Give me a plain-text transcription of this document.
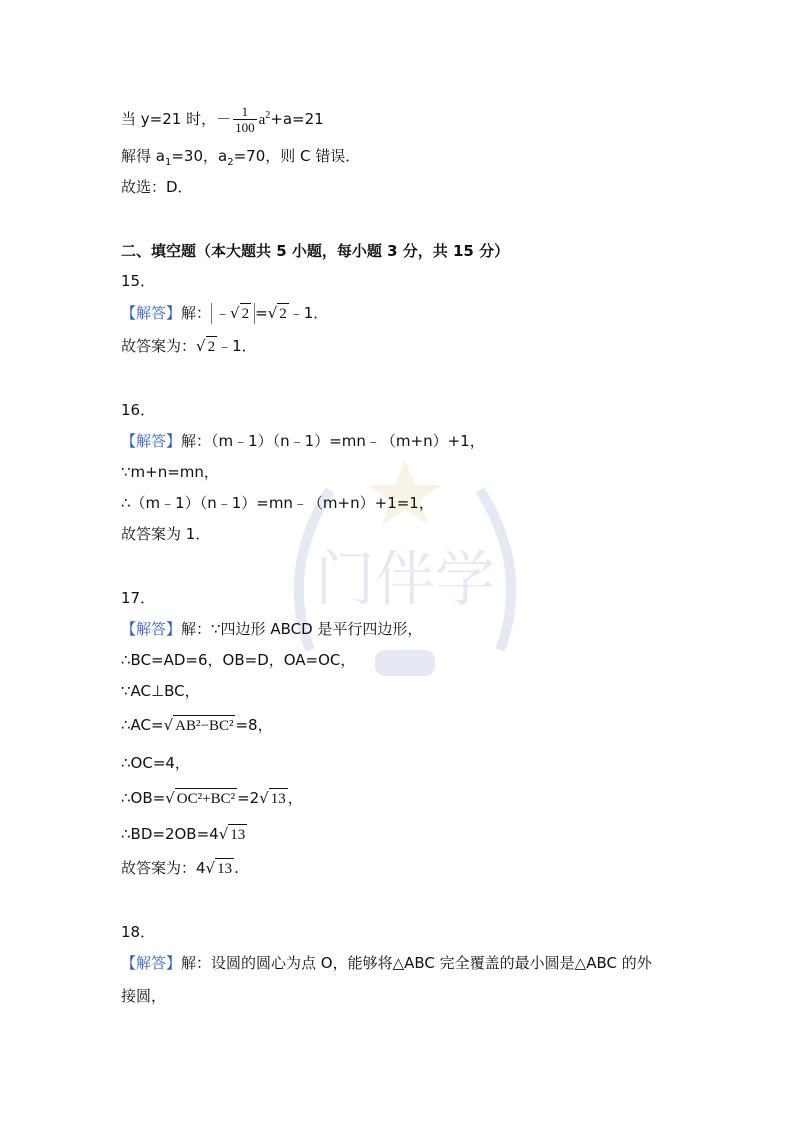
门伴学
当 y=21 时，－ $\frac{1}{100} a^2+a=21$
解得 $a_1=30$，$a_2=70$，则 C 错误．
故选：D．
二、填空题（本大题共 5 小题，每小题 3 分，共 15 分）
15．
【解答】解： ﹣√ 2 =√ 2 ﹣1．
故答案为：√ 2 ﹣1．
16．
【解答】解：（m﹣1）（n﹣1）=mn﹣（m+n）+1，
∵m+n=mn，
∴（m﹣1）（n﹣1）=mn﹣（m+n）+1=1，
故答案为 1．
17．
【解答】解：∵四边形 ABCD 是平行四边形，
∴BC=AD=6，OB=D，OA=OC，
∵AC⊥BC，
∴AC=√ AB²−BC² =8，
∴OC=4，
∴OB=√ OC²+BC² =2√ 13 ，
∴BD=2OB=4√ 13
故答案为：4√ 13 .
18．
【解答】解：设圆的圆心为点 O，能够将△ABC 完全覆盖的最小圆是△ABC 的外
接圆，
